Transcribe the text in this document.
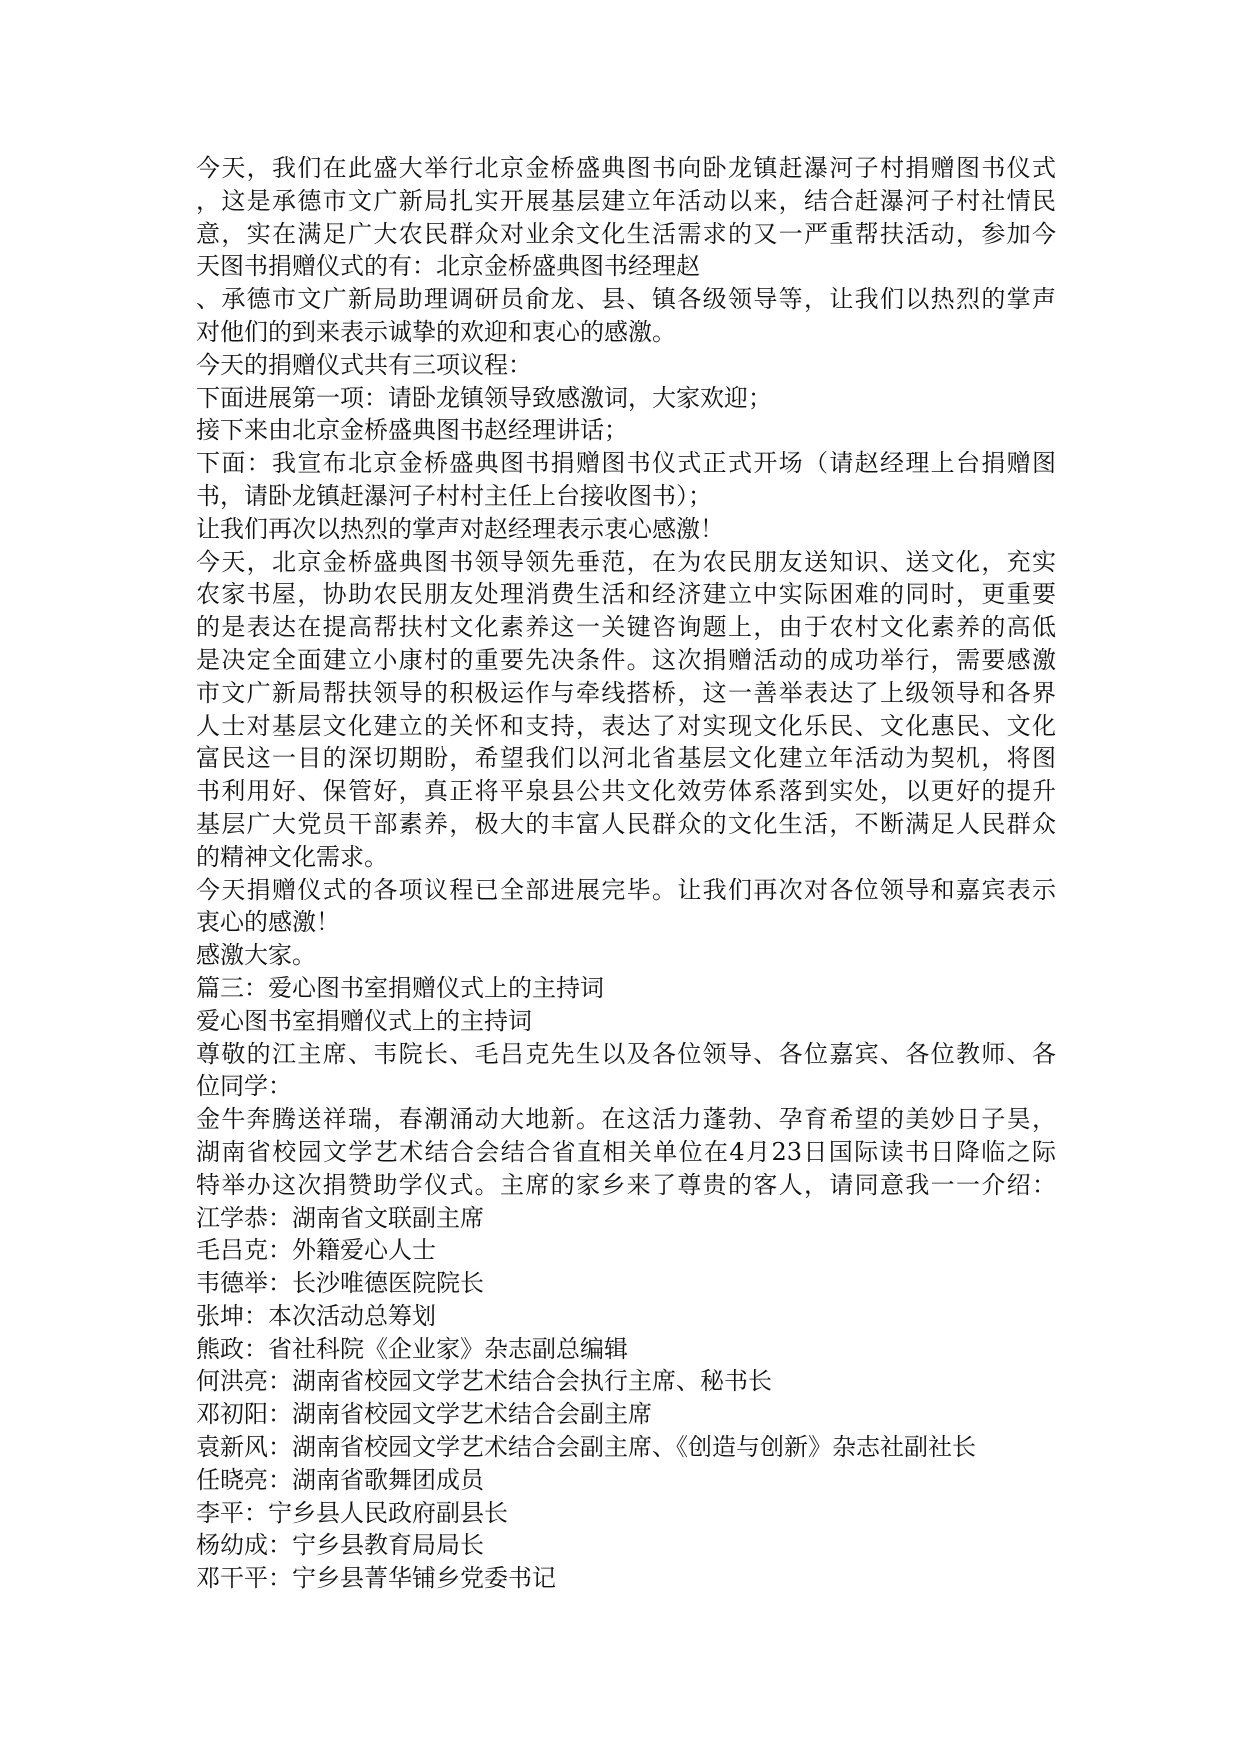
今天，我们在此盛大举行北京金桥盛典图书向卧龙镇赶瀑河子村捐赠图书仪式
，这是承德市文广新局扎实开展基层建立年活动以来，结合赶瀑河子村社情民
意，实在满足广大农民群众对业余文化生活需求的又一严重帮扶活动，参加今
天图书捐赠仪式的有：北京金桥盛典图书经理赵
、承德市文广新局助理调研员俞龙、县、镇各级领导等，让我们以热烈的掌声
对他们的到来表示诚挚的欢迎和衷心的感激。
今天的捐赠仪式共有三项议程：
下面进展第一项：请卧龙镇领导致感激词，大家欢迎；
接下来由北京金桥盛典图书赵经理讲话；
下面：我宣布北京金桥盛典图书捐赠图书仪式正式开场（请赵经理上台捐赠图
书，请卧龙镇赶瀑河子村村主任上台接收图书）；
让我们再次以热烈的掌声对赵经理表示衷心感激！
今天，北京金桥盛典图书领导领先垂范，在为农民朋友送知识、送文化，充实
农家书屋，协助农民朋友处理消费生活和经济建立中实际困难的同时，更重要
的是表达在提高帮扶村文化素养这一关键咨询题上，由于农村文化素养的高低
是决定全面建立小康村的重要先决条件。这次捐赠活动的成功举行，需要感激
市文广新局帮扶领导的积极运作与牵线搭桥，这一善举表达了上级领导和各界
人士对基层文化建立的关怀和支持，表达了对实现文化乐民、文化惠民、文化
富民这一目的深切期盼，希望我们以河北省基层文化建立年活动为契机，将图
书利用好、保管好，真正将平泉县公共文化效劳体系落到实处，以更好的提升
基层广大党员干部素养，极大的丰富人民群众的文化生活，不断满足人民群众
的精神文化需求。
今天捐赠仪式的各项议程已全部进展完毕。让我们再次对各位领导和嘉宾表示
衷心的感激！
感激大家。
篇三：爱心图书室捐赠仪式上的主持词
爱心图书室捐赠仪式上的主持词
尊敬的江主席、韦院长、毛吕克先生以及各位领导、各位嘉宾、各位教师、各
位同学：
金牛奔腾送祥瑞，春潮涌动大地新。在这活力蓬勃、孕育希望的美妙日子昊，
湖南省校园文学艺术结合会结合省直相关单位在4月23日国际读书日降临之际
特举办这次捐赞助学仪式。主席的家乡来了尊贵的客人，请同意我一一介绍：
江学恭：湖南省文联副主席
毛吕克：外籍爱心人士
韦德举：长沙唯德医院院长
张坤：本次活动总筹划
熊政：省社科院《企业家》杂志副总编辑
何洪亮：湖南省校园文学艺术结合会执行主席、秘书长
邓初阳：湖南省校园文学艺术结合会副主席
袁新风：湖南省校园文学艺术结合会副主席、《创造与创新》杂志社副社长
任晓亮：湖南省歌舞团成员
李平：宁乡县人民政府副县长
杨幼成：宁乡县教育局局长
邓干平：宁乡县菁华铺乡党委书记
